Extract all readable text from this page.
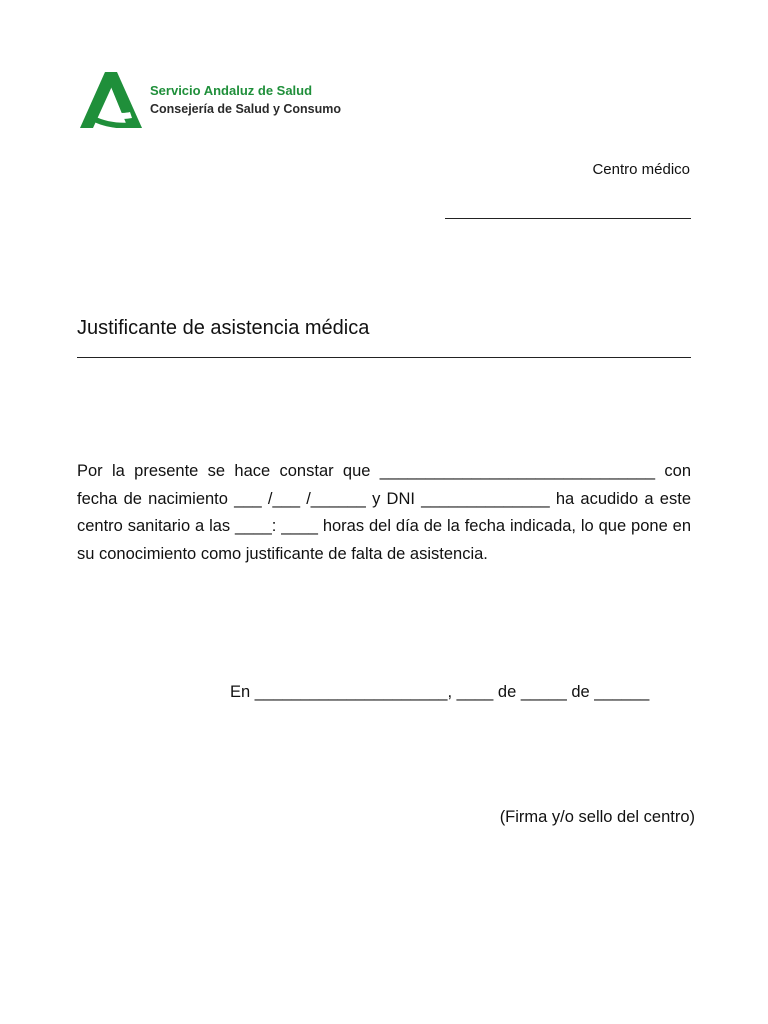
Servicio Andaluz de Salud
Consejería de Salud y Consumo
Centro médico
Justificante de asistencia médica

Por la presente se hace constar que ______________________________ con fecha de nacimiento ___ /___ /______ y DNI ______________ ha acudido a este centro sanitario a las ____: ____ horas del día de la fecha indicada, lo que pone en su conocimiento como justificante de falta de asistencia.

En _____________________, ____ de _____ de ______
(Firma y/o sello del centro)
